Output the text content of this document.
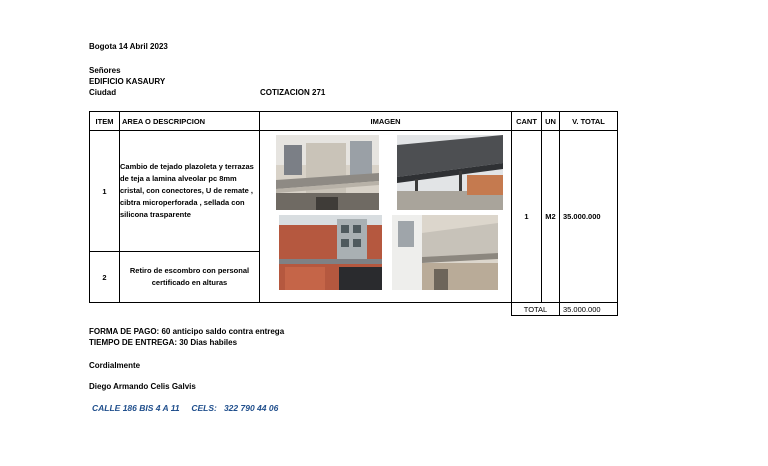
Bogota 14 Abril 2023
Señores
EDIFICIO KASAURY
Ciudad	COTIZACION 271
ITEM	AREA O DESCRIPCION	IMAGEN	CANT	UN	V. TOTAL
1	Cambio de tejado plazoleta y terrazas de teja a lamina alveolar pc 8mm cristal, con conectores, U de remate , cibtra microperforada , sellada con silicona trasparente		1	M2	35.000.000
2	Retiro de escombro con personal certificado en alturas				
			TOTAL		35.000.000
FORMA DE PAGO: 60 anticipo saldo contra entrega
TIEMPO DE ENTREGA: 30 Dias habiles
Cordialmente
Diego Armando Celis Galvis
CALLE 186 BIS 4 A 11     CELS:   322 790 44 06
